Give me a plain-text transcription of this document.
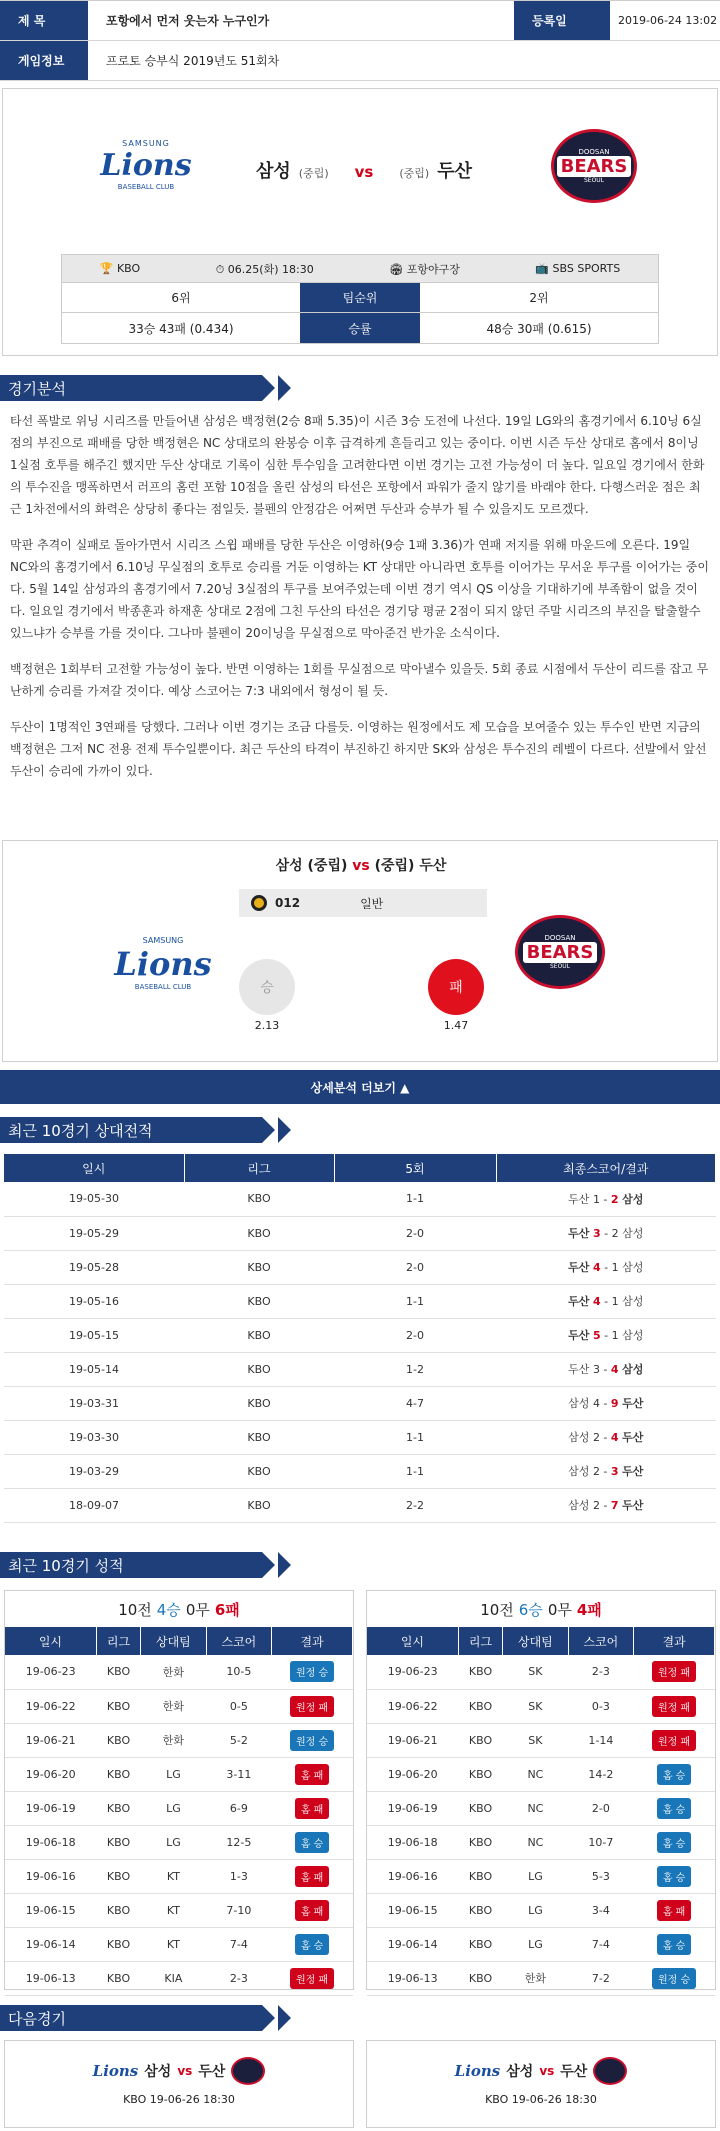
제 목	포항에서 먼저 웃는자 누구인가	등록일	2019-06-24 13:02
게임정보	프로토 승부식 2019년도 51회차
SAMSUNG
Lions
BASEBALL CLUB
삼성 (중립) vs (중립) 두산
DOOSAN
BEARS
SEOUL
🏆 KBO	⏱ 06.25(화) 18:30	🏟 포항야구장	📺 SBS SPORTS
6위	팀순위	2위
33승 43패 (0.434)	승률	48승 30패 (0.615)
경기분석

타선 폭발로 위닝 시리즈를 만들어낸 삼성은 백정현(2승 8패 5.35)이 시즌 3승 도전에 나선다. 19일 LG와의 홈경기에서 6.10닝 6실점의 부진으로 패배를 당한 백정현은 NC 상대로의 완봉승 이후 급격하게 흔들리고 있는 중이다. 이번 시즌 두산 상대로 홈에서 8이닝 1실점 호투를 해주긴 했지만 두산 상대로 기록이 심한 투수임을 고려한다면 이번 경기는 고전 가능성이 더 높다. 일요일 경기에서 한화의 투수진을 맹폭하면서 러프의 홈런 포함 10점을 올린 삼성의 타선은 포항에서 파워가 줄지 않기를 바래야 한다. 다행스러운 점은 최근 1차전에서의 화력은 상당히 좋다는 점일듯. 불펜의 안정감은 어쩌면 두산과 승부가 될 수 있을지도 모르겠다.

막판 추격이 실패로 돌아가면서 시리즈 스윕 패배를 당한 두산은 이영하(9승 1패 3.36)가 연패 저지를 위해 마운드에 오른다. 19일 NC와의 홈경기에서 6.10닝 무실점의 호투로 승리를 거둔 이영하는 KT 상대만 아니라면 호투를 이어가는 무서운 투구를 이어가는 중이다. 5월 14일 삼성과의 홈경기에서 7.20닝 3실점의 투구를 보여주었는데 이번 경기 역시 QS 이상을 기대하기에 부족함이 없을 것이다. 일요일 경기에서 박종훈과 하재훈 상대로 2점에 그친 두산의 타선은 경기당 평균 2점이 되지 않던 주말 시리즈의 부진을 탈출할수 있느냐가 승부를 가를 것이다. 그나마 불펜이 20이닝을 무실점으로 막아준건 반가운 소식이다.

백정현은 1회부터 고전할 가능성이 높다. 반면 이영하는 1회를 무실점으로 막아낼수 있을듯. 5회 종료 시점에서 두산이 리드를 잡고 무난하게 승리를 가져갈 것이다. 예상 스코어는 7:3 내외에서 형성이 될 듯.

두산이 1명적인 3연패를 당했다. 그러나 이번 경기는 조금 다를듯. 이영하는 원정에서도 제 모습을 보여줄수 있는 투수인 반면 지금의 백정현은 그저 NC 전용 전제 투수일뿐이다. 최근 두산의 타격이 부진하긴 하지만 SK와 삼성은 투수진의 레벨이 다르다. 선발에서 앞선 두산이 승리에 가까이 있다.

삼성 (중립) vs (중립) 두산
012	일반
SAMSUNG
Lions
BASEBALL CLUB	승
2.13
패
1.47
DOOSAN
BEARS
SEOUL
상세분석 더보기 ▲
최근 10경기 상대전적
일시	리그	5회	최종스코어/결과
19-05-30	KBO	1-1	두산 1 - 2 삼성
19-05-29	KBO	2-0	두산 3 - 2 삼성
19-05-28	KBO	2-0	두산 4 - 1 삼성
19-05-16	KBO	1-1	두산 4 - 1 삼성
19-05-15	KBO	2-0	두산 5 - 1 삼성
19-05-14	KBO	1-2	두산 3 - 4 삼성
19-03-31	KBO	4-7	삼성 4 - 9 두산
19-03-30	KBO	1-1	삼성 2 - 4 두산
19-03-29	KBO	1-1	삼성 2 - 3 두산
18-09-07	KBO	2-2	삼성 2 - 7 두산
최근 10경기 성적
10전 4승 0무 6패
일시	리그	상대팀	스코어	결과
19-06-23	KBO	한화	10-5	원정 승
19-06-22	KBO	한화	0-5	원정 패
19-06-21	KBO	한화	5-2	원정 승
19-06-20	KBO	LG	3-11	홈 패
19-06-19	KBO	LG	6-9	홈 패
19-06-18	KBO	LG	12-5	홈 승
19-06-16	KBO	KT	1-3	홈 패
19-06-15	KBO	KT	7-10	홈 패
19-06-14	KBO	KT	7-4	홈 승
19-06-13	KBO	KIA	2-3	원정 패
10전 6승 0무 4패
일시	리그	상대팀	스코어	결과
19-06-23	KBO	SK	2-3	원정 패
19-06-22	KBO	SK	0-3	원정 패
19-06-21	KBO	SK	1-14	원정 패
19-06-20	KBO	NC	14-2	홈 승
19-06-19	KBO	NC	2-0	홈 승
19-06-18	KBO	NC	10-7	홈 승
19-06-16	KBO	LG	5-3	홈 승
19-06-15	KBO	LG	3-4	홈 패
19-06-14	KBO	LG	7-4	홈 승
19-06-13	KBO	한화	7-2	원정 승
다음경기
Lions 삼성 vs 두산
KBO 19-06-26 18:30
Lions 삼성 vs 두산
KBO 19-06-26 18:30
